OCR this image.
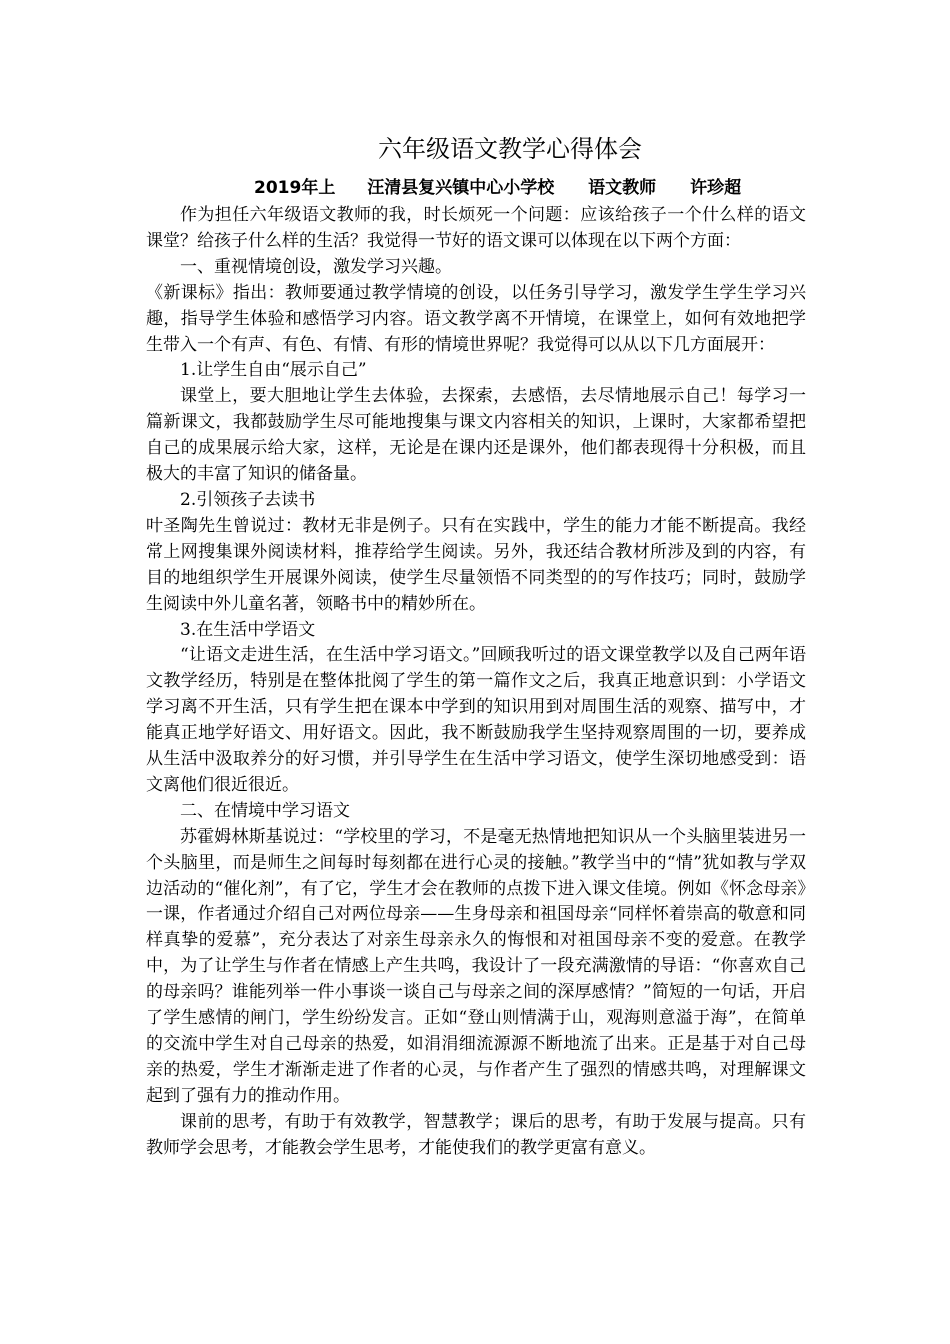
六年级语文教学心得体会
2019年上 汪清县复兴镇中心小学校 语文教师 许珍超

作为担任六年级语文教师的我，时长烦死一个问题：应该给孩子一个什么样的语文课堂？给孩子什么样的生活？我觉得一节好的语文课可以体现在以下两个方面：

一、重视情境创设，激发学习兴趣。

《新课标》指出：教师要通过教学情境的创设，以任务引导学习，激发学生学生学习兴趣，指导学生体验和感悟学习内容。语文教学离不开情境，在课堂上，如何有效地把学生带入一个有声、有色、有情、有形的情境世界呢？我觉得可以从以下几方面展开：

1.让学生自由“展示自己”

课堂上，要大胆地让学生去体验，去探索，去感悟，去尽情地展示自己！每学习一篇新课文，我都鼓励学生尽可能地搜集与课文内容相关的知识，上课时，大家都希望把自己的成果展示给大家，这样，无论是在课内还是课外，他们都表现得十分积极，而且极大的丰富了知识的储备量。

2.引领孩子去读书

叶圣陶先生曾说过：教材无非是例子。只有在实践中，学生的能力才能不断提高。我经常上网搜集课外阅读材料，推荐给学生阅读。另外，我还结合教材所涉及到的内容，有目的地组织学生开展课外阅读，使学生尽量领悟不同类型的的写作技巧；同时，鼓励学生阅读中外儿童名著，领略书中的精妙所在。

3.在生活中学语文

“让语文走进生活，在生活中学习语文。”回顾我听过的语文课堂教学以及自己两年语文教学经历，特别是在整体批阅了学生的第一篇作文之后，我真正地意识到：小学语文学习离不开生活，只有学生把在课本中学到的知识用到对周围生活的观察、描写中，才能真正地学好语文、用好语文。因此，我不断鼓励我学生坚持观察周围的一切，要养成从生活中汲取养分的好习惯，并引导学生在生活中学习语文，使学生深切地感受到：语文离他们很近很近。

二、在情境中学习语文

苏霍姆林斯基说过：“学校里的学习，不是毫无热情地把知识从一个头脑里装进另一个头脑里，而是师生之间每时每刻都在进行心灵的接触。”教学当中的“情”犹如教与学双边活动的“催化剂”，有了它，学生才会在教师的点拨下进入课文佳境。例如《怀念母亲》一课，作者通过介绍自己对两位母亲——生身母亲和祖国母亲“同样怀着崇高的敬意和同样真挚的爱慕”，充分表达了对亲生母亲永久的悔恨和对祖国母亲不变的爱意。在教学中，为了让学生与作者在情感上产生共鸣，我设计了一段充满激情的导语：“你喜欢自己的母亲吗？谁能列举一件小事谈一谈自己与母亲之间的深厚感情？”简短的一句话，开启了学生感情的闸门，学生纷纷发言。正如“登山则情满于山，观海则意溢于海”，在简单的交流中学生对自己母亲的热爱，如涓涓细流源源不断地流了出来。正是基于对自己母亲的热爱，学生才渐渐走进了作者的心灵，与作者产生了强烈的情感共鸣，对理解课文起到了强有力的推动作用。

课前的思考，有助于有效教学，智慧教学；课后的思考，有助于发展与提高。只有教师学会思考，才能教会学生思考，才能使我们的教学更富有意义。
